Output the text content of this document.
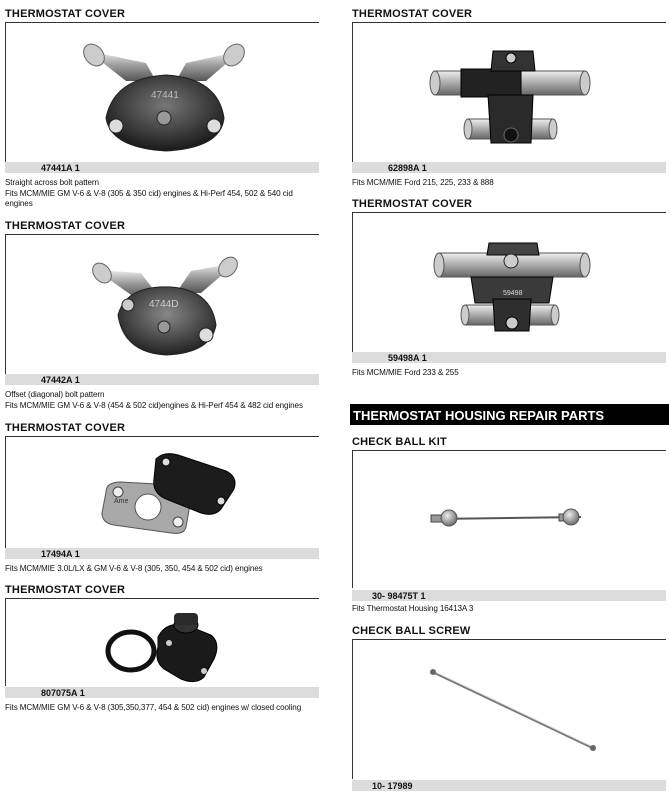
THERMOSTAT COVER
47441
47441A 1
Straight across bolt pattern
Fits MCM/MIE GM V-6 & V-8 (305 & 350 cid) engines & Hi-Perf 454, 502 & 540 cid engines
THERMOSTAT COVER
4744D
47442A 1
Offset (diagonal) bolt pattern
Fits MCM/MIE GM V-6 & V-8 (454 & 502 cid)engines & Hi-Perf 454 & 482 cid engines
THERMOSTAT COVER
Ame
17494A 1
Fits MCM/MIE 3.0L/LX & GM V-6 & V-8 (305, 350, 454 & 502 cid) engines
THERMOSTAT COVER
807075A 1
Fits MCM/MIE GM V-6 & V-8 (305,350,377, 454 & 502 cid) engines w/ closed cooling
THERMOSTAT COVER
62898A 1
Fits MCM/MIE Ford 215, 225, 233 & 888
THERMOSTAT COVER
59498
59498A 1
Fits MCM/MIE Ford 233 & 255
THERMOSTAT HOUSING REPAIR PARTS
CHECK BALL KIT
30- 98475T 1
Fits Thermostat Housing 16413A 3
CHECK BALL SCREW
10- 17989
